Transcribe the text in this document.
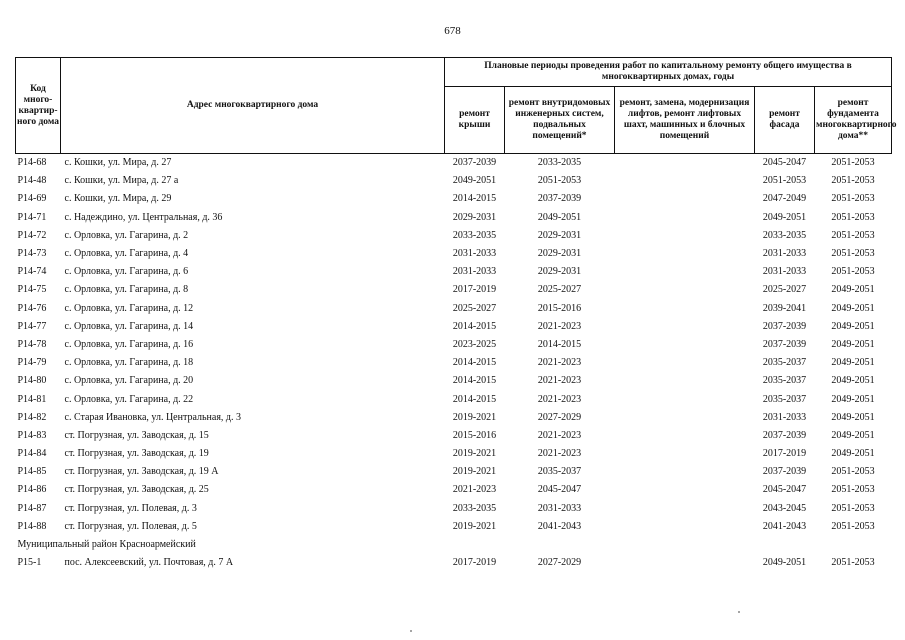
678
Код много-квартир-ного дома	Адрес многоквартирного дома	Плановые периоды проведения работ по капитальному ремонту общего имущества в многоквартирных домах, годы				
		ремонт крыши	ремонт внутридомовых инженерных систем, подвальных помещений*	ремонт, замена, модернизация лифтов, ремонт лифтовых шахт, машинных и блочных помещений	ремонт фасада	ремонт фундамента многоквартирного дома**
Р14-68	с. Кошки, ул. Мира, д. 27	2037-2039	2033-2035		2045-2047	2051-2053
Р14-48	с. Кошки, ул. Мира, д. 27 а	2049-2051	2051-2053		2051-2053	2051-2053
Р14-69	с. Кошки, ул. Мира, д. 29	2014-2015	2037-2039		2047-2049	2051-2053
Р14-71	с. Надеждино, ул. Центральная, д. 36	2029-2031	2049-2051		2049-2051	2051-2053
Р14-72	с. Орловка, ул. Гагарина, д. 2	2033-2035	2029-2031		2033-2035	2051-2053
Р14-73	с. Орловка, ул. Гагарина, д. 4	2031-2033	2029-2031		2031-2033	2051-2053
Р14-74	с. Орловка, ул. Гагарина, д. 6	2031-2033	2029-2031		2031-2033	2051-2053
Р14-75	с. Орловка, ул. Гагарина, д. 8	2017-2019	2025-2027		2025-2027	2049-2051
Р14-76	с. Орловка, ул. Гагарина, д. 12	2025-2027	2015-2016		2039-2041	2049-2051
Р14-77	с. Орловка, ул. Гагарина, д. 14	2014-2015	2021-2023		2037-2039	2049-2051
Р14-78	с. Орловка, ул. Гагарина, д. 16	2023-2025	2014-2015		2037-2039	2049-2051
Р14-79	с. Орловка, ул. Гагарина, д. 18	2014-2015	2021-2023		2035-2037	2049-2051
Р14-80	с. Орловка, ул. Гагарина, д. 20	2014-2015	2021-2023		2035-2037	2049-2051
Р14-81	с. Орловка, ул. Гагарина, д. 22	2014-2015	2021-2023		2035-2037	2049-2051
Р14-82	с. Старая Ивановка, ул. Центральная, д. 3	2019-2021	2027-2029		2031-2033	2049-2051
Р14-83	ст. Погрузная, ул. Заводская, д. 15	2015-2016	2021-2023		2037-2039	2049-2051
Р14-84	ст. Погрузная, ул. Заводская, д. 19	2019-2021	2021-2023		2017-2019	2049-2051
Р14-85	ст. Погрузная, ул. Заводская, д. 19 А	2019-2021	2035-2037		2037-2039	2051-2053
Р14-86	ст. Погрузная, ул. Заводская, д. 25	2021-2023	2045-2047		2045-2047	2051-2053
Р14-87	ст. Погрузная, ул. Полевая, д. 3	2033-2035	2031-2033		2043-2045	2051-2053
Р14-88	ст. Погрузная, ул. Полевая, д. 5	2019-2021	2041-2043		2041-2043	2051-2053
Муниципальный район Красноармейский						
Р15-1	пос. Алексеевский, ул. Почтовая, д. 7 А	2017-2019	2027-2029		2049-2051	2051-2053
